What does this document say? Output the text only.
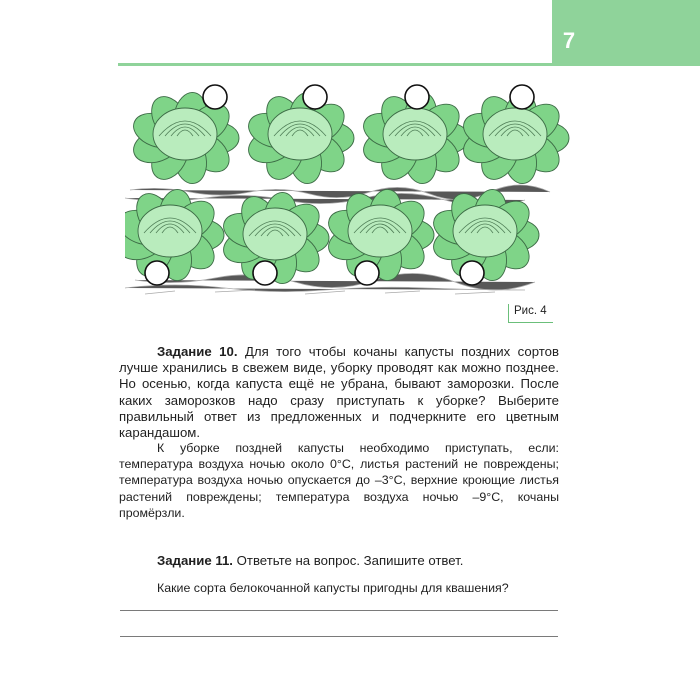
7
Рис. 4
Задание 10. Для того чтобы кочаны капусты поздних сортов лучше хранились в свежем виде, уборку проводят как можно позднее. Но осенью, когда капуста ещё не убрана, бывают заморозки. После каких заморозков надо сразу приступать к уборке? Выберите правильный ответ из предложенных и подчеркните его цветным карандашом.
К уборке поздней капусты необходимо приступать, если: температура воздуха ночью около 0°C, листья растений не повреждены; температура воздуха ночью опускается до –3°C, верхние кроющие листья растений повреждены; температура воздуха ночью –9°C, кочаны промёрзли.
Задание 11. Ответьте на вопрос. Запишите ответ.
Какие сорта белокочанной капусты пригодны для квашения?
